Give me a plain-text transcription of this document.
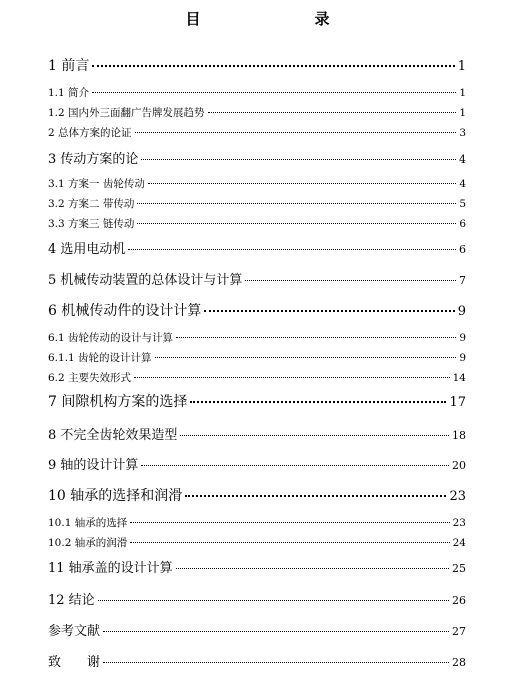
目　　录
1 前言	1
1.1 简介	1
1.2 国内外三面翻广告牌发展趋势	1
2 总体方案的论证	3
3 传动方案的论	4
3.1 方案一 齿轮传动	4
3.2 方案二 带传动	5
3.3 方案三 链传动	6
4 选用电动机	6
5 机械传动装置的总体设计与计算	7
6 机械传动件的设计计算	9
6.1 齿轮传动的设计与计算	9
6.1.1 齿轮的设计计算	9
6.2 主要失效形式	14
7 间隙机构方案的选择	17
8 不完全齿轮效果造型	18
9 轴的设计计算	20
10 轴承的选择和润滑	23
10.1 轴承的选择	23
10.2 轴承的润滑	24
11 轴承盖的设计计算	25
12 结论	26
参考文献	27
致　　谢	28
